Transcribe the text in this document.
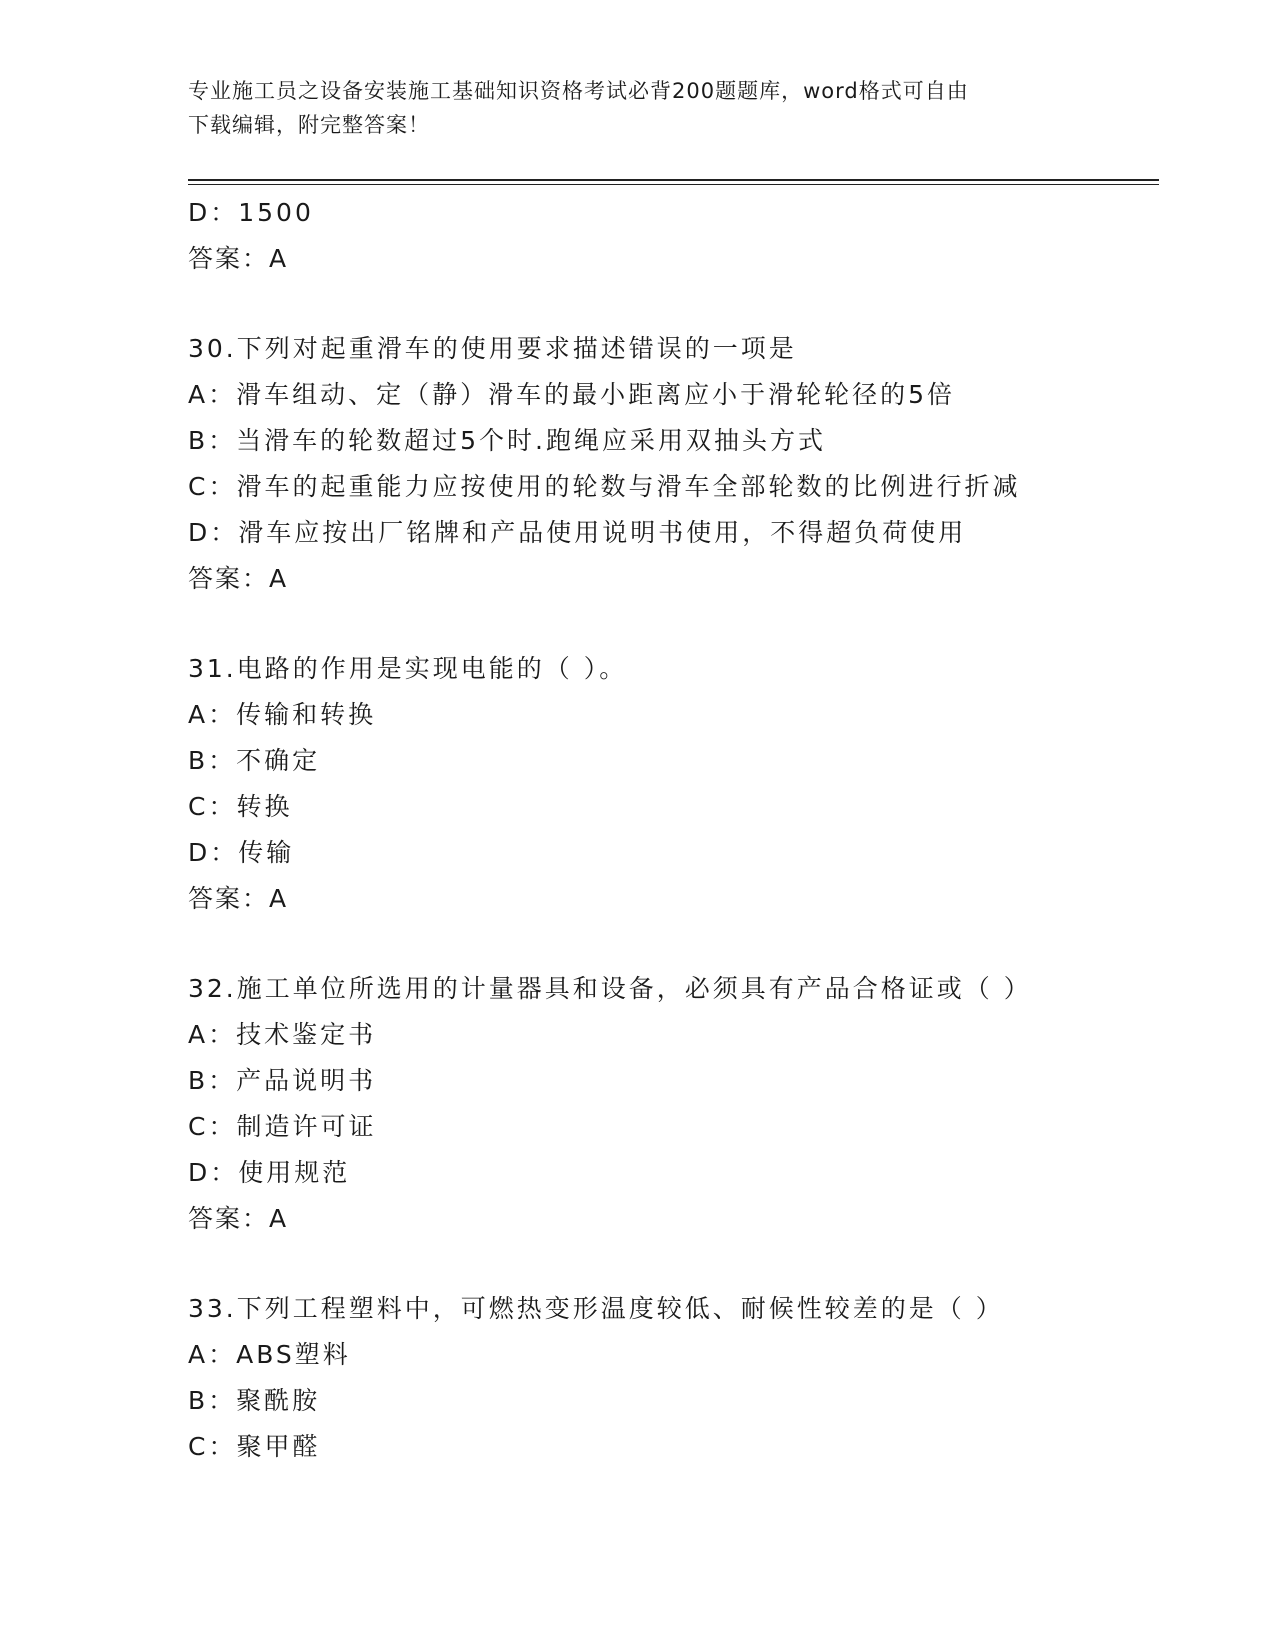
专业施工员之设备安装施工基础知识资格考试必背200题题库，word格式可自由
下载编辑，附完整答案！
D：1500
答案：A
30.下列对起重滑车的使用要求描述错误的一项是
A：滑车组动、定（静）滑车的最小距离应小于滑轮轮径的5倍
B：当滑车的轮数超过5个时.跑绳应采用双抽头方式
C：滑车的起重能力应按使用的轮数与滑车全部轮数的比例进行折减
D：滑车应按出厂铭牌和产品使用说明书使用，不得超负荷使用
答案：A
31.电路的作用是实现电能的（ ）。
A：传输和转换
B：不确定
C：转换
D：传输
答案：A
32.施工单位所选用的计量器具和设备，必须具有产品合格证或（ ）
A：技术鉴定书
B：产品说明书
C：制造许可证
D：使用规范
答案：A
33.下列工程塑料中，可燃热变形温度较低、耐候性较差的是（ ）
A：ABS塑料
B：聚酰胺
C：聚甲醛
